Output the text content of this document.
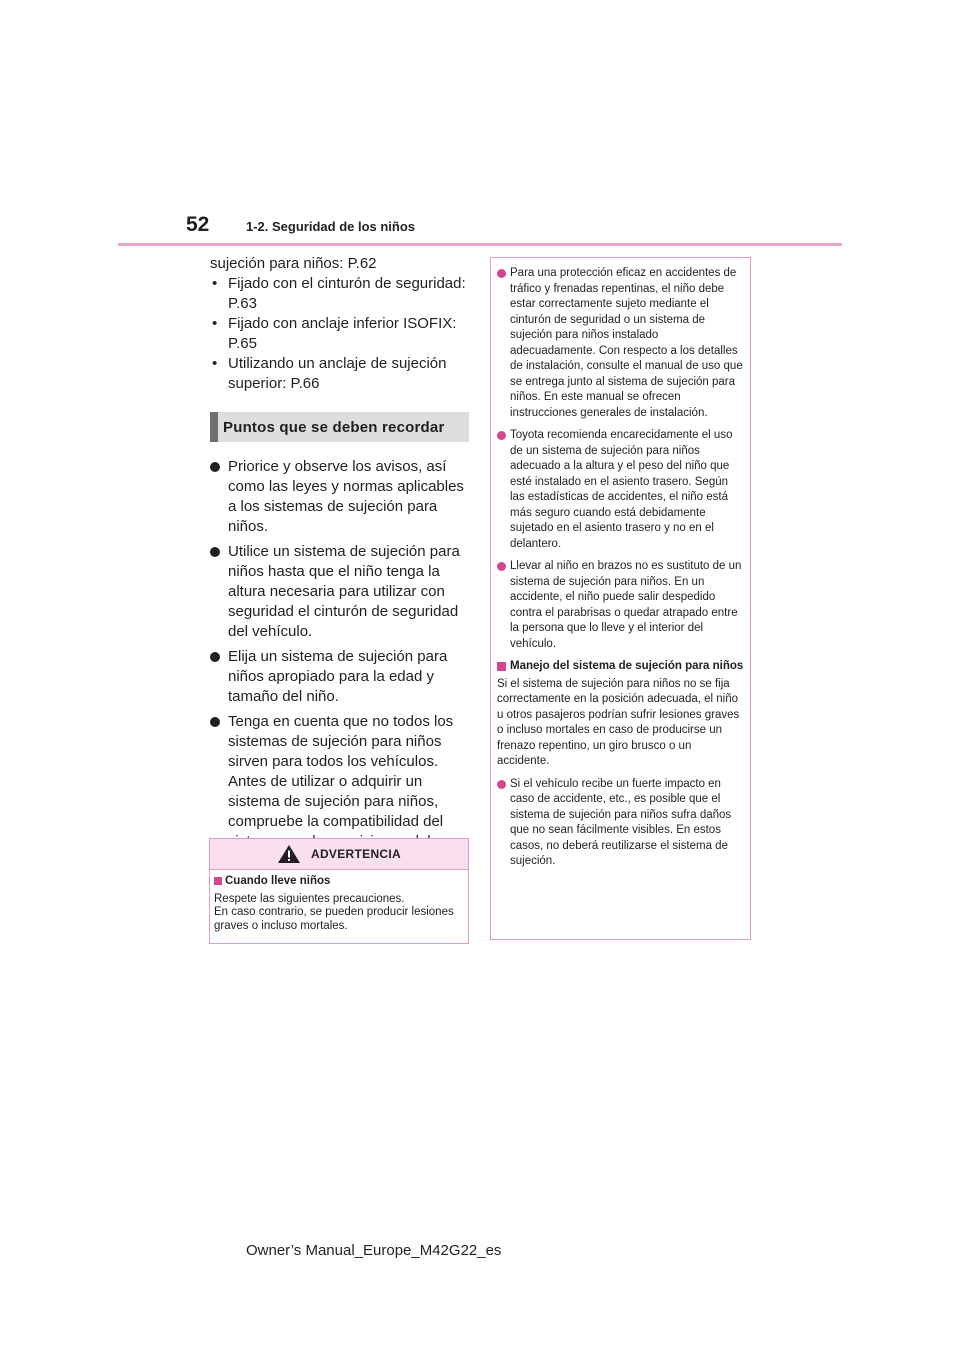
52	1-2. Seguridad de los niños

sujeción para niños: P.62

• Fijado con el cinturón de seguridad: P.63
• Fijado con anclaje inferior ISOFIX: P.65
• Utilizando un anclaje de sujeción superior: P.66
Puntos que se deben recordar
Priorice y observe los avisos, así como las leyes y normas aplicables a los sistemas de sujeción para niños.
Utilice un sistema de sujeción para niños hasta que el niño tenga la altura necesaria para utilizar con seguridad el cinturón de seguridad del vehículo.
Elija un sistema de sujeción para niños apropiado para la edad y tamaño del niño.
Tenga en cuenta que no todos los sistemas de sujeción para niños sirven para todos los vehículos. Antes de utilizar o adquirir un sistema de sujeción para niños, compruebe la compatibilidad del
ADVERTENCIA
Cuando lleve niños

Respete las siguientes precauciones.

En caso contrario, se pueden producir lesiones graves o incluso mortales.

Para una protección eficaz en accidentes de tráfico y frenadas repentinas, el niño debe estar correctamente sujeto mediante el cinturón de seguridad o un sistema de sujeción para niños instalado adecuadamente. Con respecto a los detalles de instalación, consulte el manual de uso que se entrega junto al sistema de sujeción para niños. En este manual se ofrecen instrucciones generales de instalación.
Toyota recomienda encarecidamente el uso de un sistema de sujeción para niños adecuado a la altura y el peso del niño que esté instalado en el asiento trasero. Según las estadísticas de accidentes, el niño está más seguro cuando está debidamente sujetado en el asiento trasero y no en el delantero.
Llevar al niño en brazos no es sustituto de un sistema de sujeción para niños. En un accidente, el niño puede salir despedido contra el parabrisas o quedar atrapado entre la persona que lo lleve y el interior del vehículo.
Manejo del sistema de sujeción para niños

Si el sistema de sujeción para niños no se fija correctamente en la posición adecuada, el niño u otros pasajeros podrían sufrir lesiones graves o incluso mortales en caso de producirse un frenazo repentino, un giro brusco o un accidente.

Si el vehículo recibe un fuerte impacto en caso de accidente, etc., es posible que el sistema de sujeción para niños sufra daños que no sean fácilmente visibles. En estos casos, no deberá reutilizarse el sistema de sujeción.
Owner’s Manual_Europe_M42G22_es
